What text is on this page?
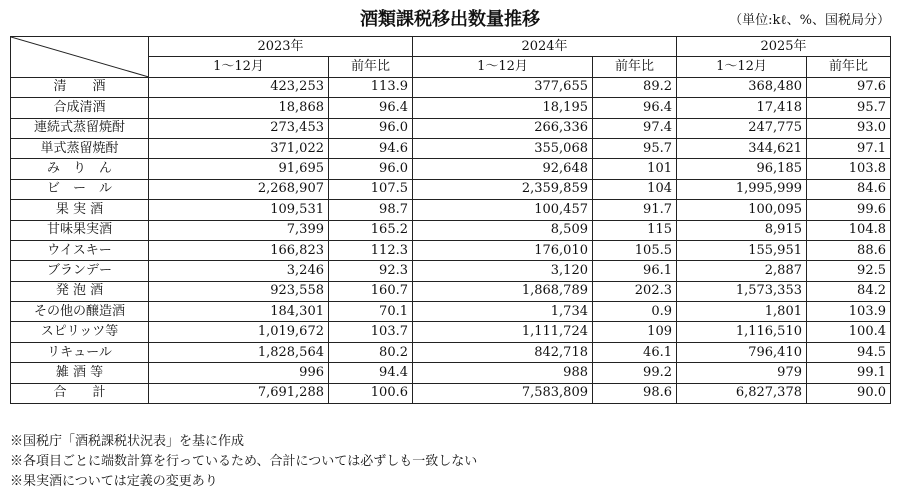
酒類課税移出数量推移	（単位:kℓ、%、国税局分）
	2023年		2024年		2025年	
	1〜12月	前年比	1〜12月	前年比	1〜12月	前年比
清　　酒	423,253	113.9	377,655	89.2	368,480	97.6
合成清酒	18,868	96.4	18,195	96.4	17,418	95.7
連続式蒸留焼酎	273,453	96.0	266,336	97.4	247,775	93.0
単式蒸留焼酎	371,022	94.6	355,068	95.7	344,621	97.1
み　り　ん	91,695	96.0	92,648	101	96,185	103.8
ビ　ー　ル	2,268,907	107.5	2,359,859	104	1,995,999	84.6
果 実 酒	109,531	98.7	100,457	91.7	100,095	99.6
甘味果実酒	7,399	165.2	8,509	115	8,915	104.8
ウイスキー	166,823	112.3	176,010	105.5	155,951	88.6
ブランデー	3,246	92.3	3,120	96.1	2,887	92.5
発 泡 酒	923,558	160.7	1,868,789	202.3	1,573,353	84.2
その他の醸造酒	184,301	70.1	1,734	0.9	1,801	103.9
スピリッツ等	1,019,672	103.7	1,111,724	109	1,116,510	100.4
リキュール	1,828,564	80.2	842,718	46.1	796,410	94.5
雑 酒 等	996	94.4	988	99.2	979	99.1
合　　計	7,691,288	100.6	7,583,809	98.6	6,827,378	90.0
※国税庁「酒税課税状況表」を基に作成
※各項目ごとに端数計算を行っているため、合計については必ずしも一致しない
※果実酒については定義の変更あり
